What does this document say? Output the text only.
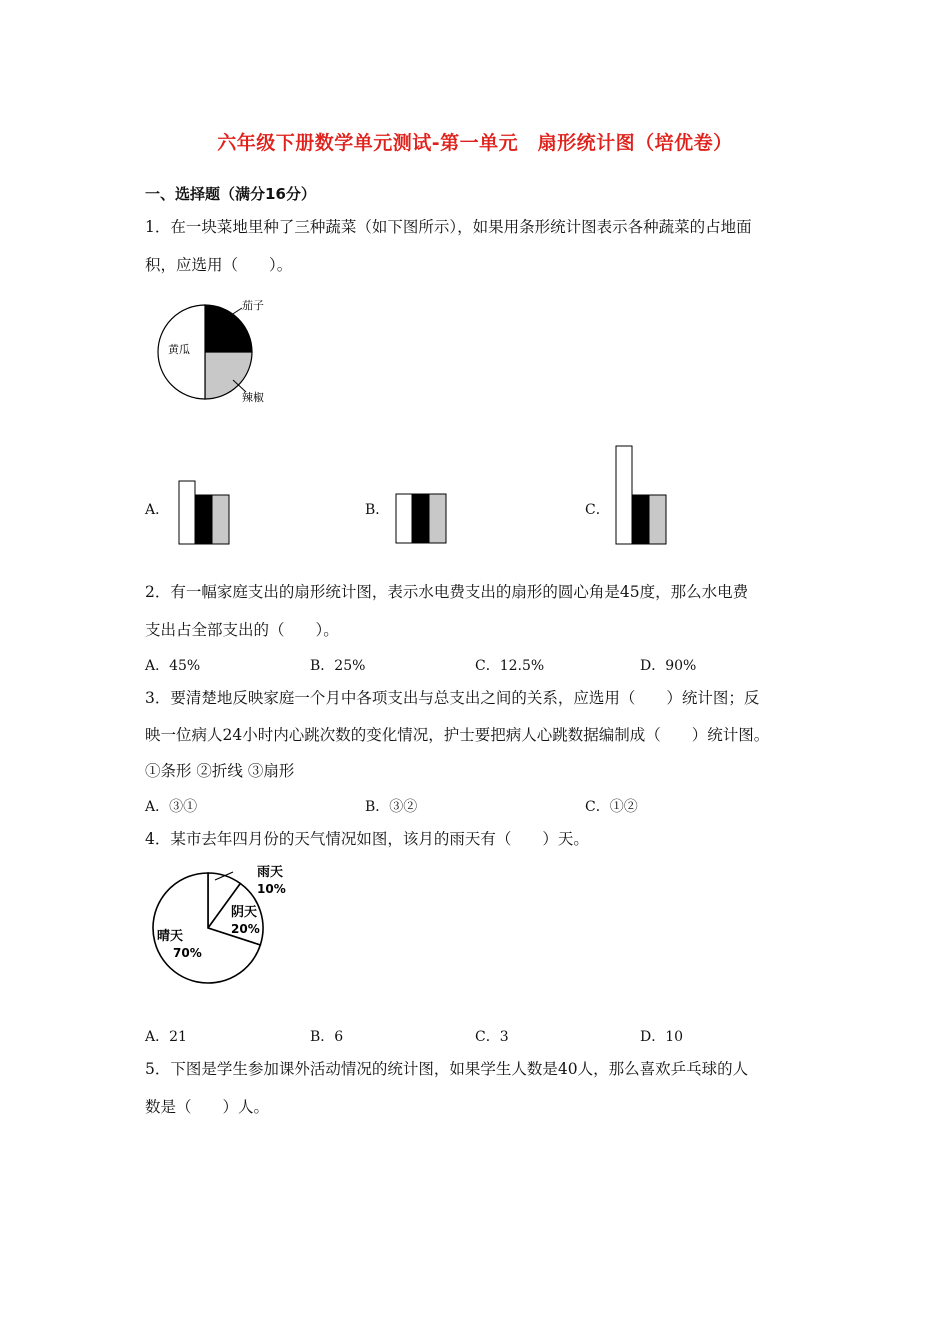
六年级下册数学单元测试-第一单元　扇形统计图（培优卷）
一、选择题（满分16分）
1．在一块菜地里种了三种蔬菜（如下图所示），如果用条形统计图表示各种蔬菜的占地面
积，应选用（　　）。
茄子
黄瓜
辣椒
A．	B．	C．
2．有一幅家庭支出的扇形统计图，表示水电费支出的扇形的圆心角是45度，那么水电费
支出占全部支出的（　　）。
A．45%	B．25%	C．12.5%	D．90%
3．要清楚地反映家庭一个月中各项支出与总支出之间的关系，应选用（　　）统计图；反
映一位病人24小时内心跳次数的变化情况，护士要把病人心跳数据编制成（　　）统计图。
①条形 ②折线 ③扇形
A．③①	B．③②	C．①②
4．某市去年四月份的天气情况如图，该月的雨天有（　　）天。
雨天
10%
阴天
20%
晴天
70%
A．21	B．6	C．3	D．10
5．下图是学生参加课外活动情况的统计图，如果学生人数是40人，那么喜欢乒乓球的人
数是（　　）人。
